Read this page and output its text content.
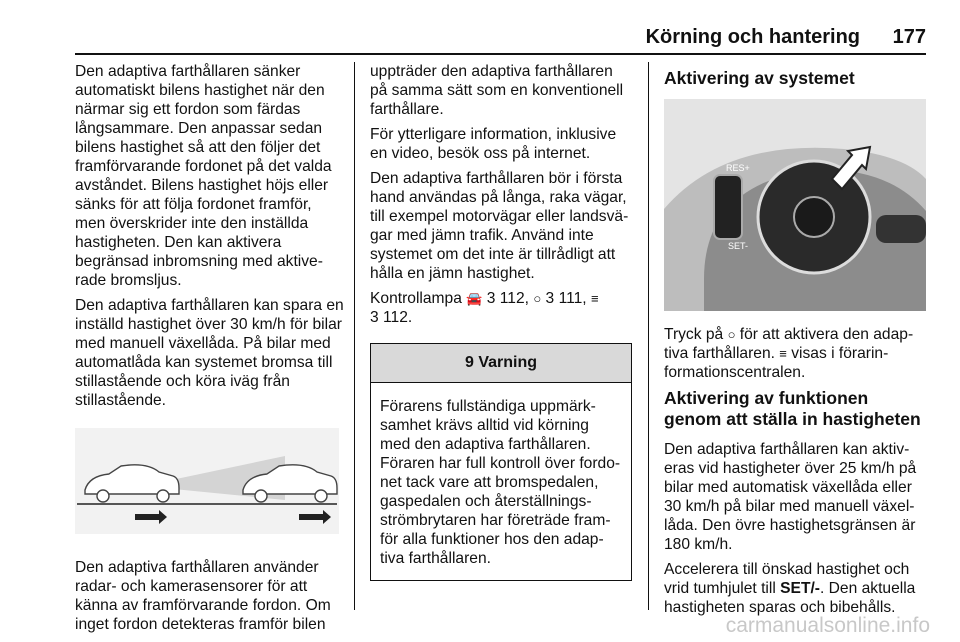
Körning och hantering 177

Den adaptiva farthållaren sänker automatiskt bilens hastighet när den närmar sig ett fordon som färdas långsammare. Den anpassar sedan bilens hastighet så att den följer det framförvarande fordonet på det valda avståndet. Bilens hastighet höjs eller sänks för att följa fordonet framför, men överskrider inte den inställda hastigheten. Den kan aktivera begränsad inbromsning med aktive-rade bromsljus.

Den adaptiva farthållaren kan spara en inställd hastighet över 30 km/h för bilar med manuell växellåda. På bilar med automatlåda kan systemet bromsa till stillastående och köra iväg från stillastående.

Den adaptiva farthållaren använder radar- och kamerasensorer för att känna av framförvarande fordon. Om inget fordon detekteras framför bilen

uppträder den adaptiva farthållaren på samma sätt som en konventionell farthållare.

För ytterligare information, inklusive en video, besök oss på internet.

Den adaptiva farthållaren bör i första hand användas på långa, raka vägar, till exempel motorvägar eller landsvä-gar med jämn trafik. Använd inte systemet om det inte är tillrådligt att hålla en jämn hastighet.

Kontrollampa 🚘 3 112, ○ 3 111, ≡
3 112.

9 Varning
Förarens fullständiga uppmärk-samhet krävs alltid vid körning med den adaptiva farthållaren. Föraren har full kontroll över fordo-net tack vare att bromspedalen, gaspedalen och återställnings-strömbrytaren har företräde fram-för alla funktioner hos den adap-tiva farthållaren.
Aktivering av systemet
RES+
SET-

Tryck på ○ för att aktivera den adap-tiva farthållaren. ≡ visas i förarin-formationscentralen.

Aktivering av funktionen genom att ställa in hastigheten

Den adaptiva farthållaren kan aktiv-eras vid hastigheter över 25 km/h på bilar med automatisk växellåda eller 30 km/h på bilar med manuell växel-låda. Den övre hastighetsgränsen är 180 km/h.

Accelerera till önskad hastighet och vrid tumhjulet till SET/-. Den aktuella hastigheten sparas och bibehålls.

carmanualsonline.info
